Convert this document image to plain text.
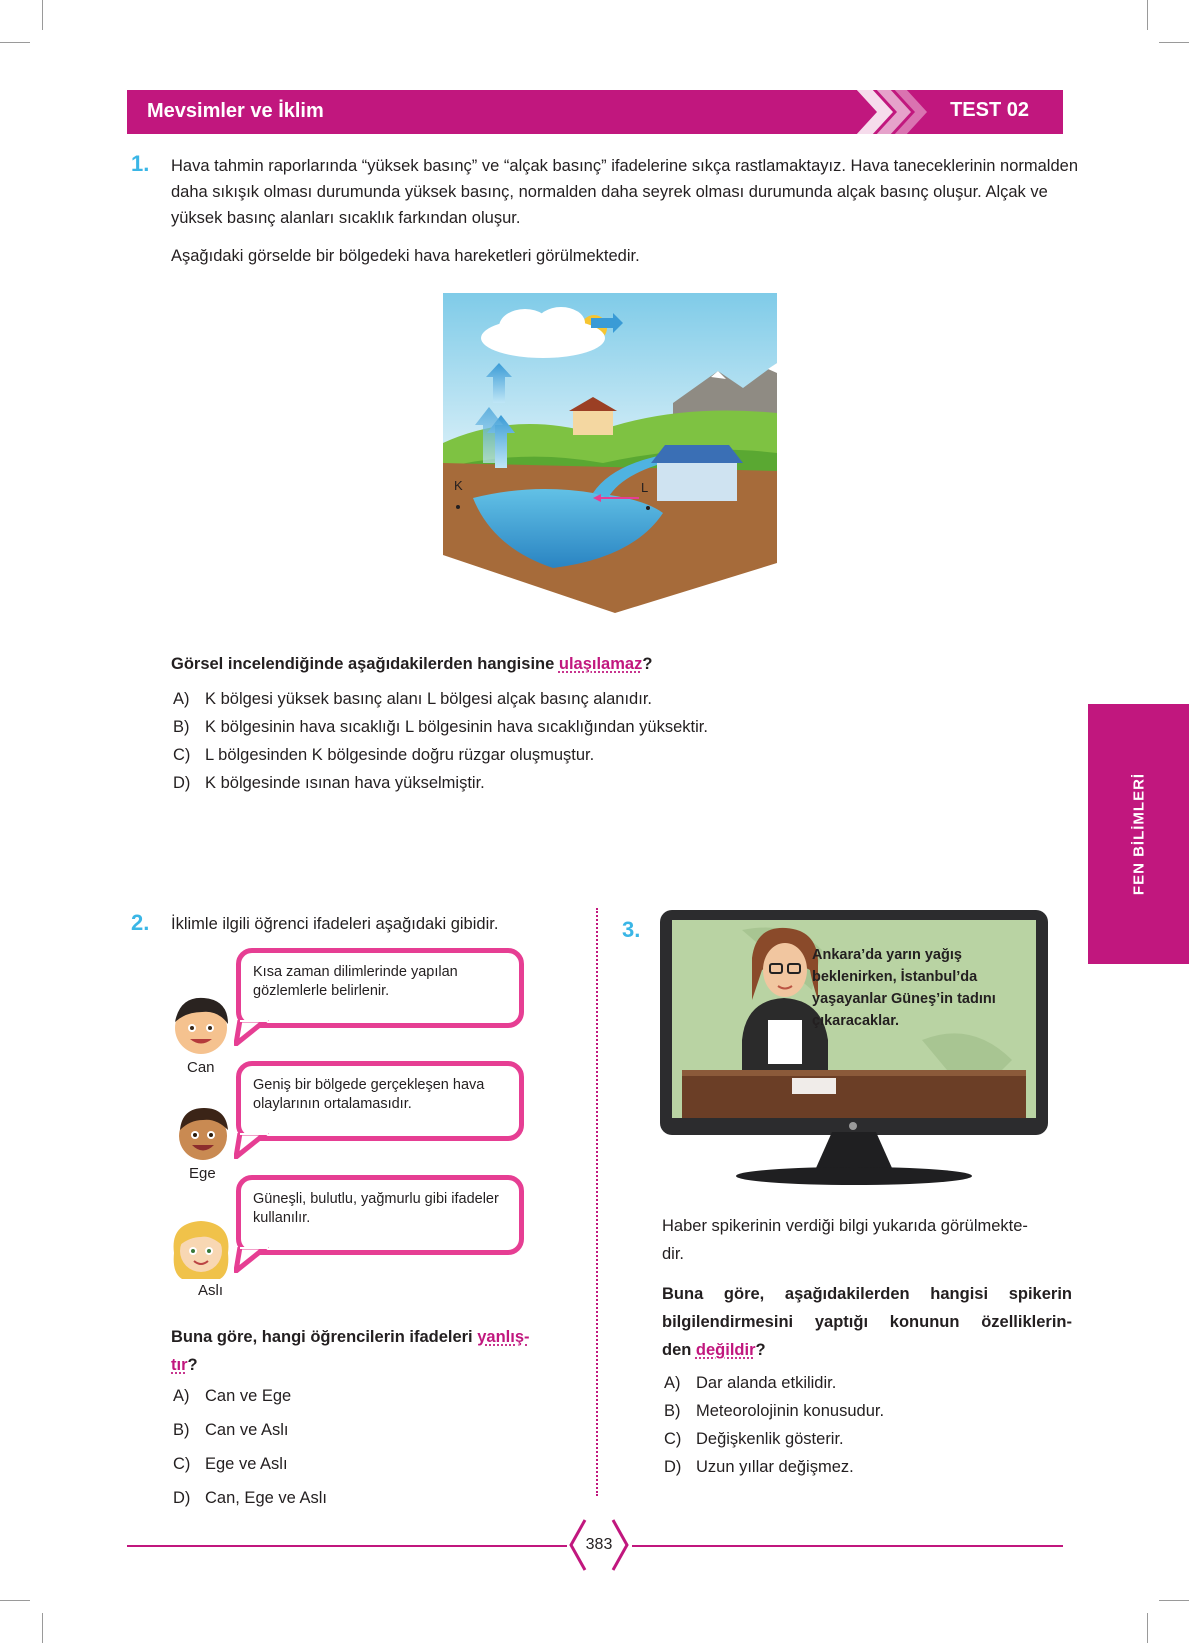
Mevsimler ve İklim	TEST 02
FEN BİLİMLERİ
1. Hava tahmin raporlarında “yüksek basınç” ve “alçak basınç” ifadelerine sıkça rastlamaktayız. Hava taneceklerinin normalden daha sıkışık olması durumunda yüksek basınç, normalden daha seyrek olması durumunda alçak basınç oluşur. Alçak ve yüksek basınç alanları sıcaklık farkından oluşur.
Aşağıdaki görselde bir bölgedeki hava hareketleri görülmektedir.
K	L
Görsel incelendiğinde aşağıdakilerden hangisine ulaşılamaz?
A) K bölgesi yüksek basınç alanı L bölgesi alçak basınç alanıdır.
B) K bölgesinin hava sıcaklığı L bölgesinin hava sıcaklığından yüksektir.
C) L bölgesinden K bölgesinde doğru rüzgar oluşmuştur.
D) K bölgesinde ısınan hava yükselmiştir.
2. İklimle ilgili öğrenci ifadeleri aşağıdaki gibidir.
Can
Kısa zaman dilimlerinde yapılan gözlemlerle belirlenir.
Ege
Geniş bir bölgede gerçekleşen hava olaylarının ortalamasıdır.
Aslı
Güneşli, bulutlu, yağmurlu gibi ifadeler kullanılır.
Buna göre, hangi öğrencilerin ifadeleri yanlış-
tır?
A) Can ve Ege
B) Can ve Aslı
C) Ege ve Aslı
D) Can, Ege ve Aslı
3.
Ankara’da yarın yağış
beklenirken, İstanbul’da
yaşayanlar Güneş’in tadını
çıkaracaklar.
Haber spikerinin verdiği bilgi yukarıda görülmekte-
dir.
Buna göre, aşağıdakilerden hangisi spikerin
bilgilendirmesini yaptığı konunun özelliklerin-
den değildir?
A) Dar alanda etkilidir.
B) Meteorolojinin konusudur.
C) Değişkenlik gösterir.
D) Uzun yıllar değişmez.
383
